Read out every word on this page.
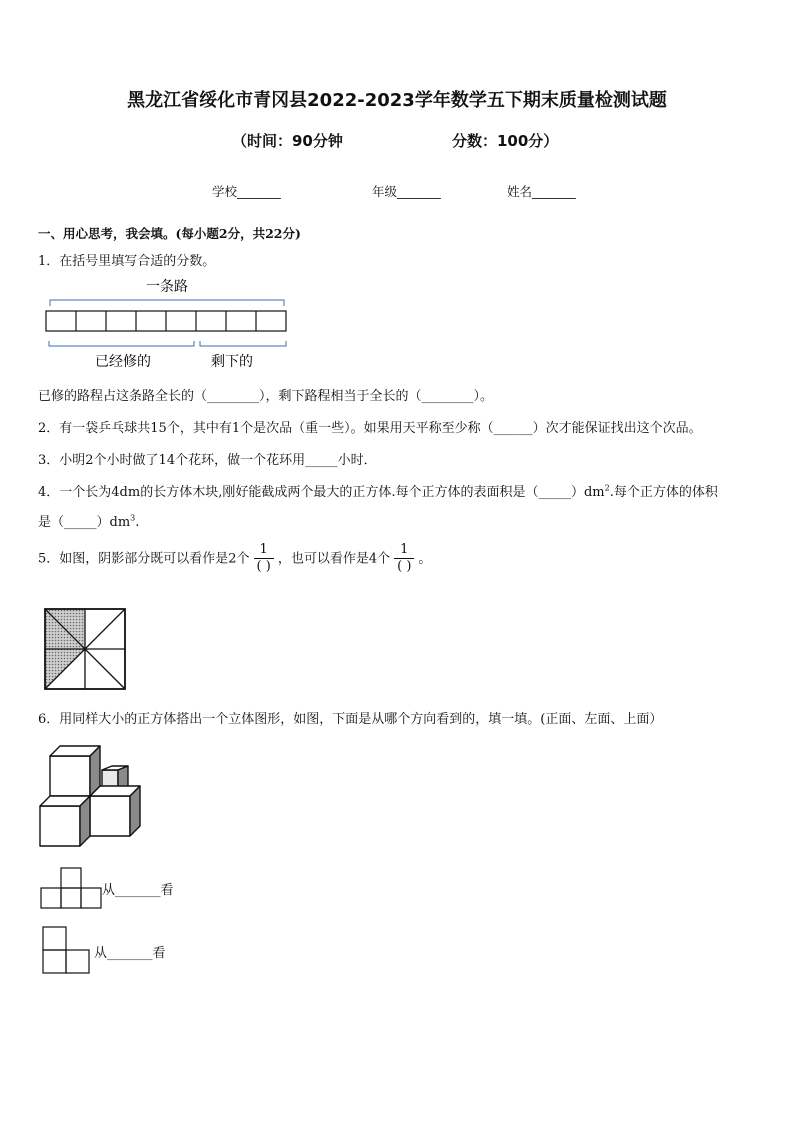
黑龙江省绥化市青冈县2022-2023学年数学五下期末质量检测试题
（时间：90分钟	分数：100分）
学校_______	年级_______	姓名_______
一、用心思考，我会填。(每小题2分，共22分)
1．在括号里填写合适的分数。
一条路
已经修的	剩下的
已修的路程占这条路全长的（________），剩下路程相当于全长的（________）。
2．有一袋乒乓球共15个，其中有1个是次品（重一些）。如果用天平称至少称（______）次才能保证找出这个次品。
3．小明2个小时做了14个花环，做一个花环用_____小时．
4．一个长为4dm的长方体木块,刚好能截成两个最大的正方体.每个正方体的表面积是$(\_\_\_\_\_)dm^2$.每个正方体的体积
是$(\_\_\_\_\_)dm^3$.
5．如图，阴影部分既可以看作是2个 $\frac{1}{( )}$ ，也可以看作是4个 $\frac{1}{( )}$ 。
6．用同样大小的正方体搭出一个立体图形，如图，下面是从哪个方向看到的，填一填。(正面、左面、上面）
从_______看
从_______看
